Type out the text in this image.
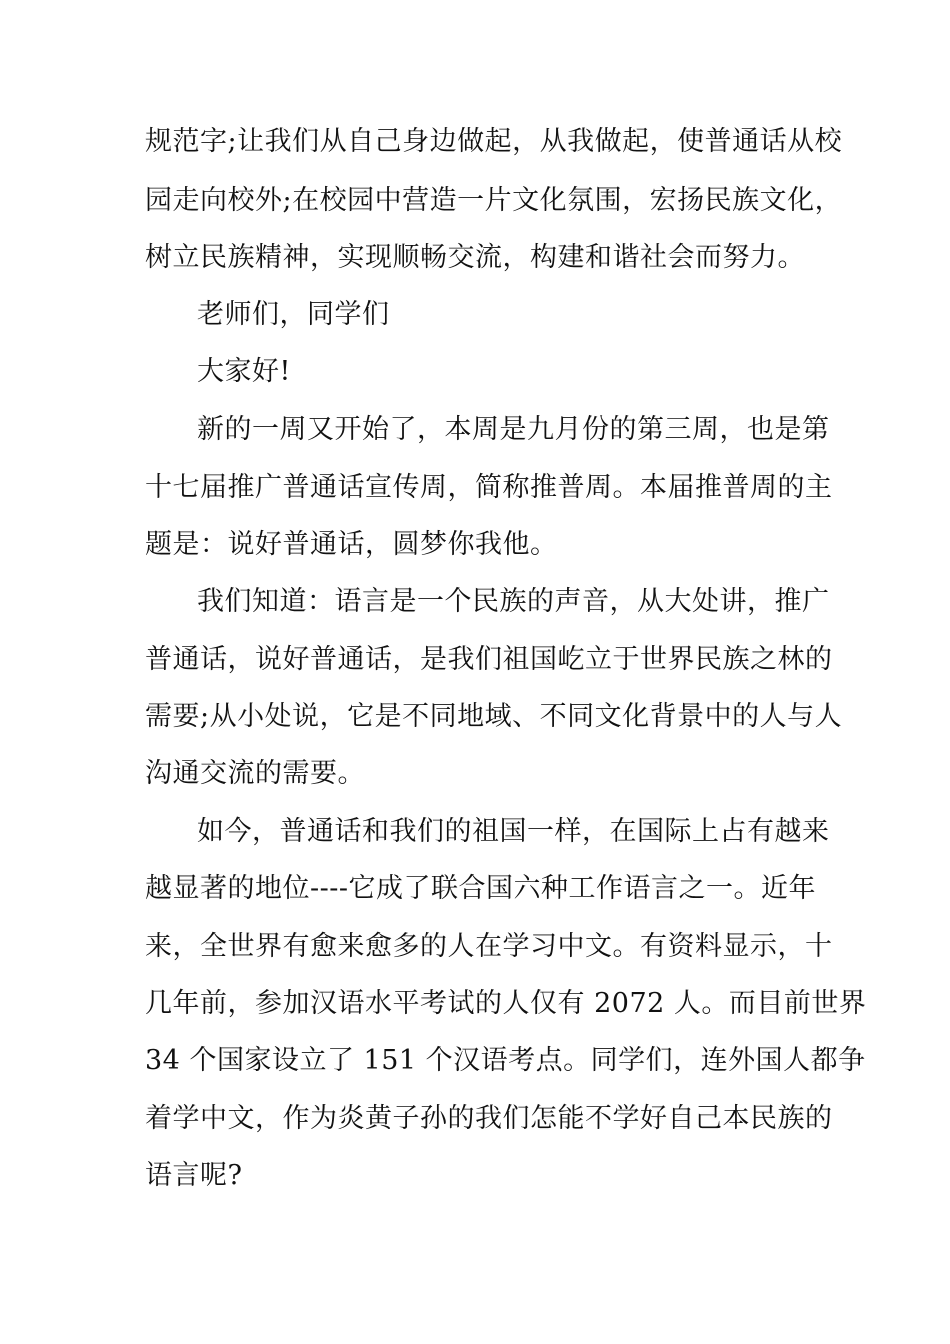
规范字;让我们从自己身边做起，从我做起，使普通话从校
园走向校外;在校园中营造一片文化氛围，宏扬民族文化，
树立民族精神，实现顺畅交流，构建和谐社会而努力。
老师们，同学们
大家好!
新的一周又开始了，本周是九月份的第三周，也是第
十七届推广普通话宣传周，简称推普周。本届推普周的主
题是：说好普通话，圆梦你我他。
我们知道：语言是一个民族的声音，从大处讲，推广
普通话，说好普通话，是我们祖国屹立于世界民族之林的
需要;从小处说，它是不同地域、不同文化背景中的人与人
沟通交流的需要。
如今，普通话和我们的祖国一样，在国际上占有越来
越显著的地位----它成了联合国六种工作语言之一。近年
来，全世界有愈来愈多的人在学习中文。有资料显示，十
几年前，参加汉语水平考试的人仅有 2072 人。而目前世界
34 个国家设立了 151 个汉语考点。同学们，连外国人都争
着学中文，作为炎黄子孙的我们怎能不学好自己本民族的
语言呢?
